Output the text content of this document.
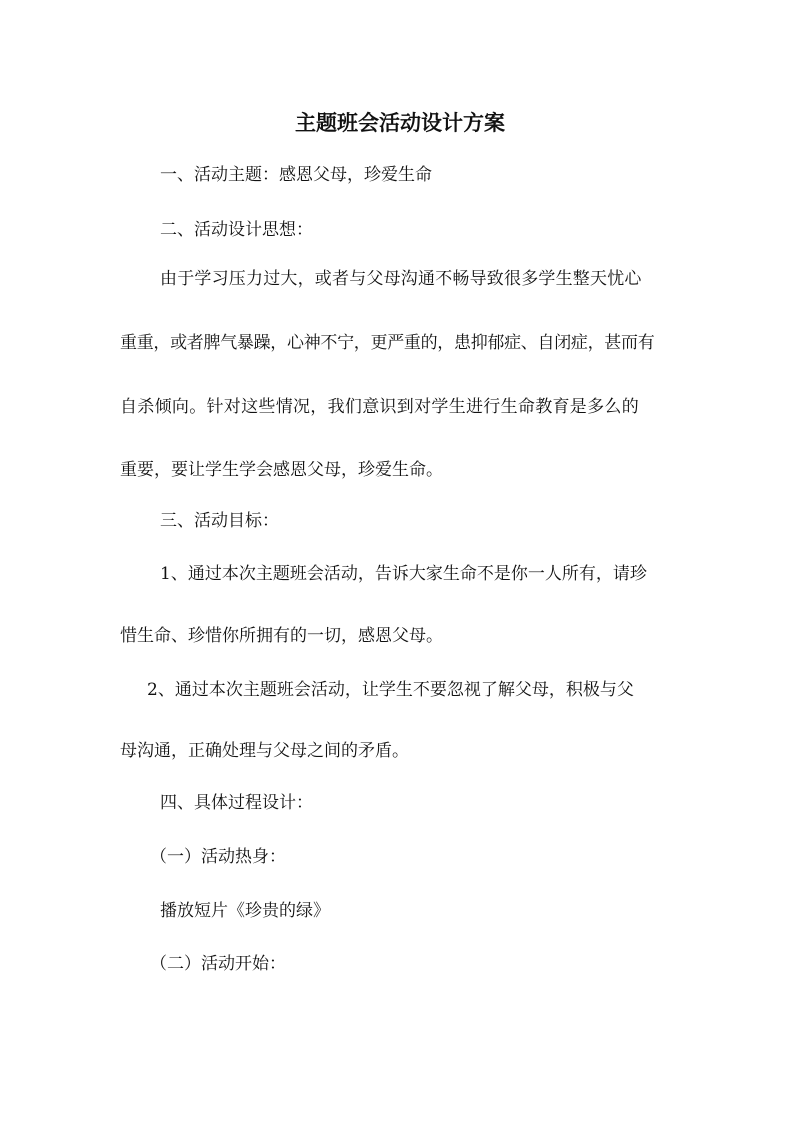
主题班会活动设计方案
一、活动主题：感恩父母，珍爱生命
二、活动设计思想：
由于学习压力过大，或者与父母沟通不畅导致很多学生整天忧心
重重，或者脾气暴躁，心神不宁，更严重的，患抑郁症、自闭症，甚而有
自杀倾向。针对这些情况，我们意识到对学生进行生命教育是多么的
重要，要让学生学会感恩父母，珍爱生命。
三、活动目标：
1、通过本次主题班会活动，告诉大家生命不是你一人所有，请珍
惜生命、珍惜你所拥有的一切，感恩父母。
2、通过本次主题班会活动，让学生不要忽视了解父母，积极与父
母沟通，正确处理与父母之间的矛盾。
四、具体过程设计：
（一）活动热身：
播放短片《珍贵的绿》
（二）活动开始：
